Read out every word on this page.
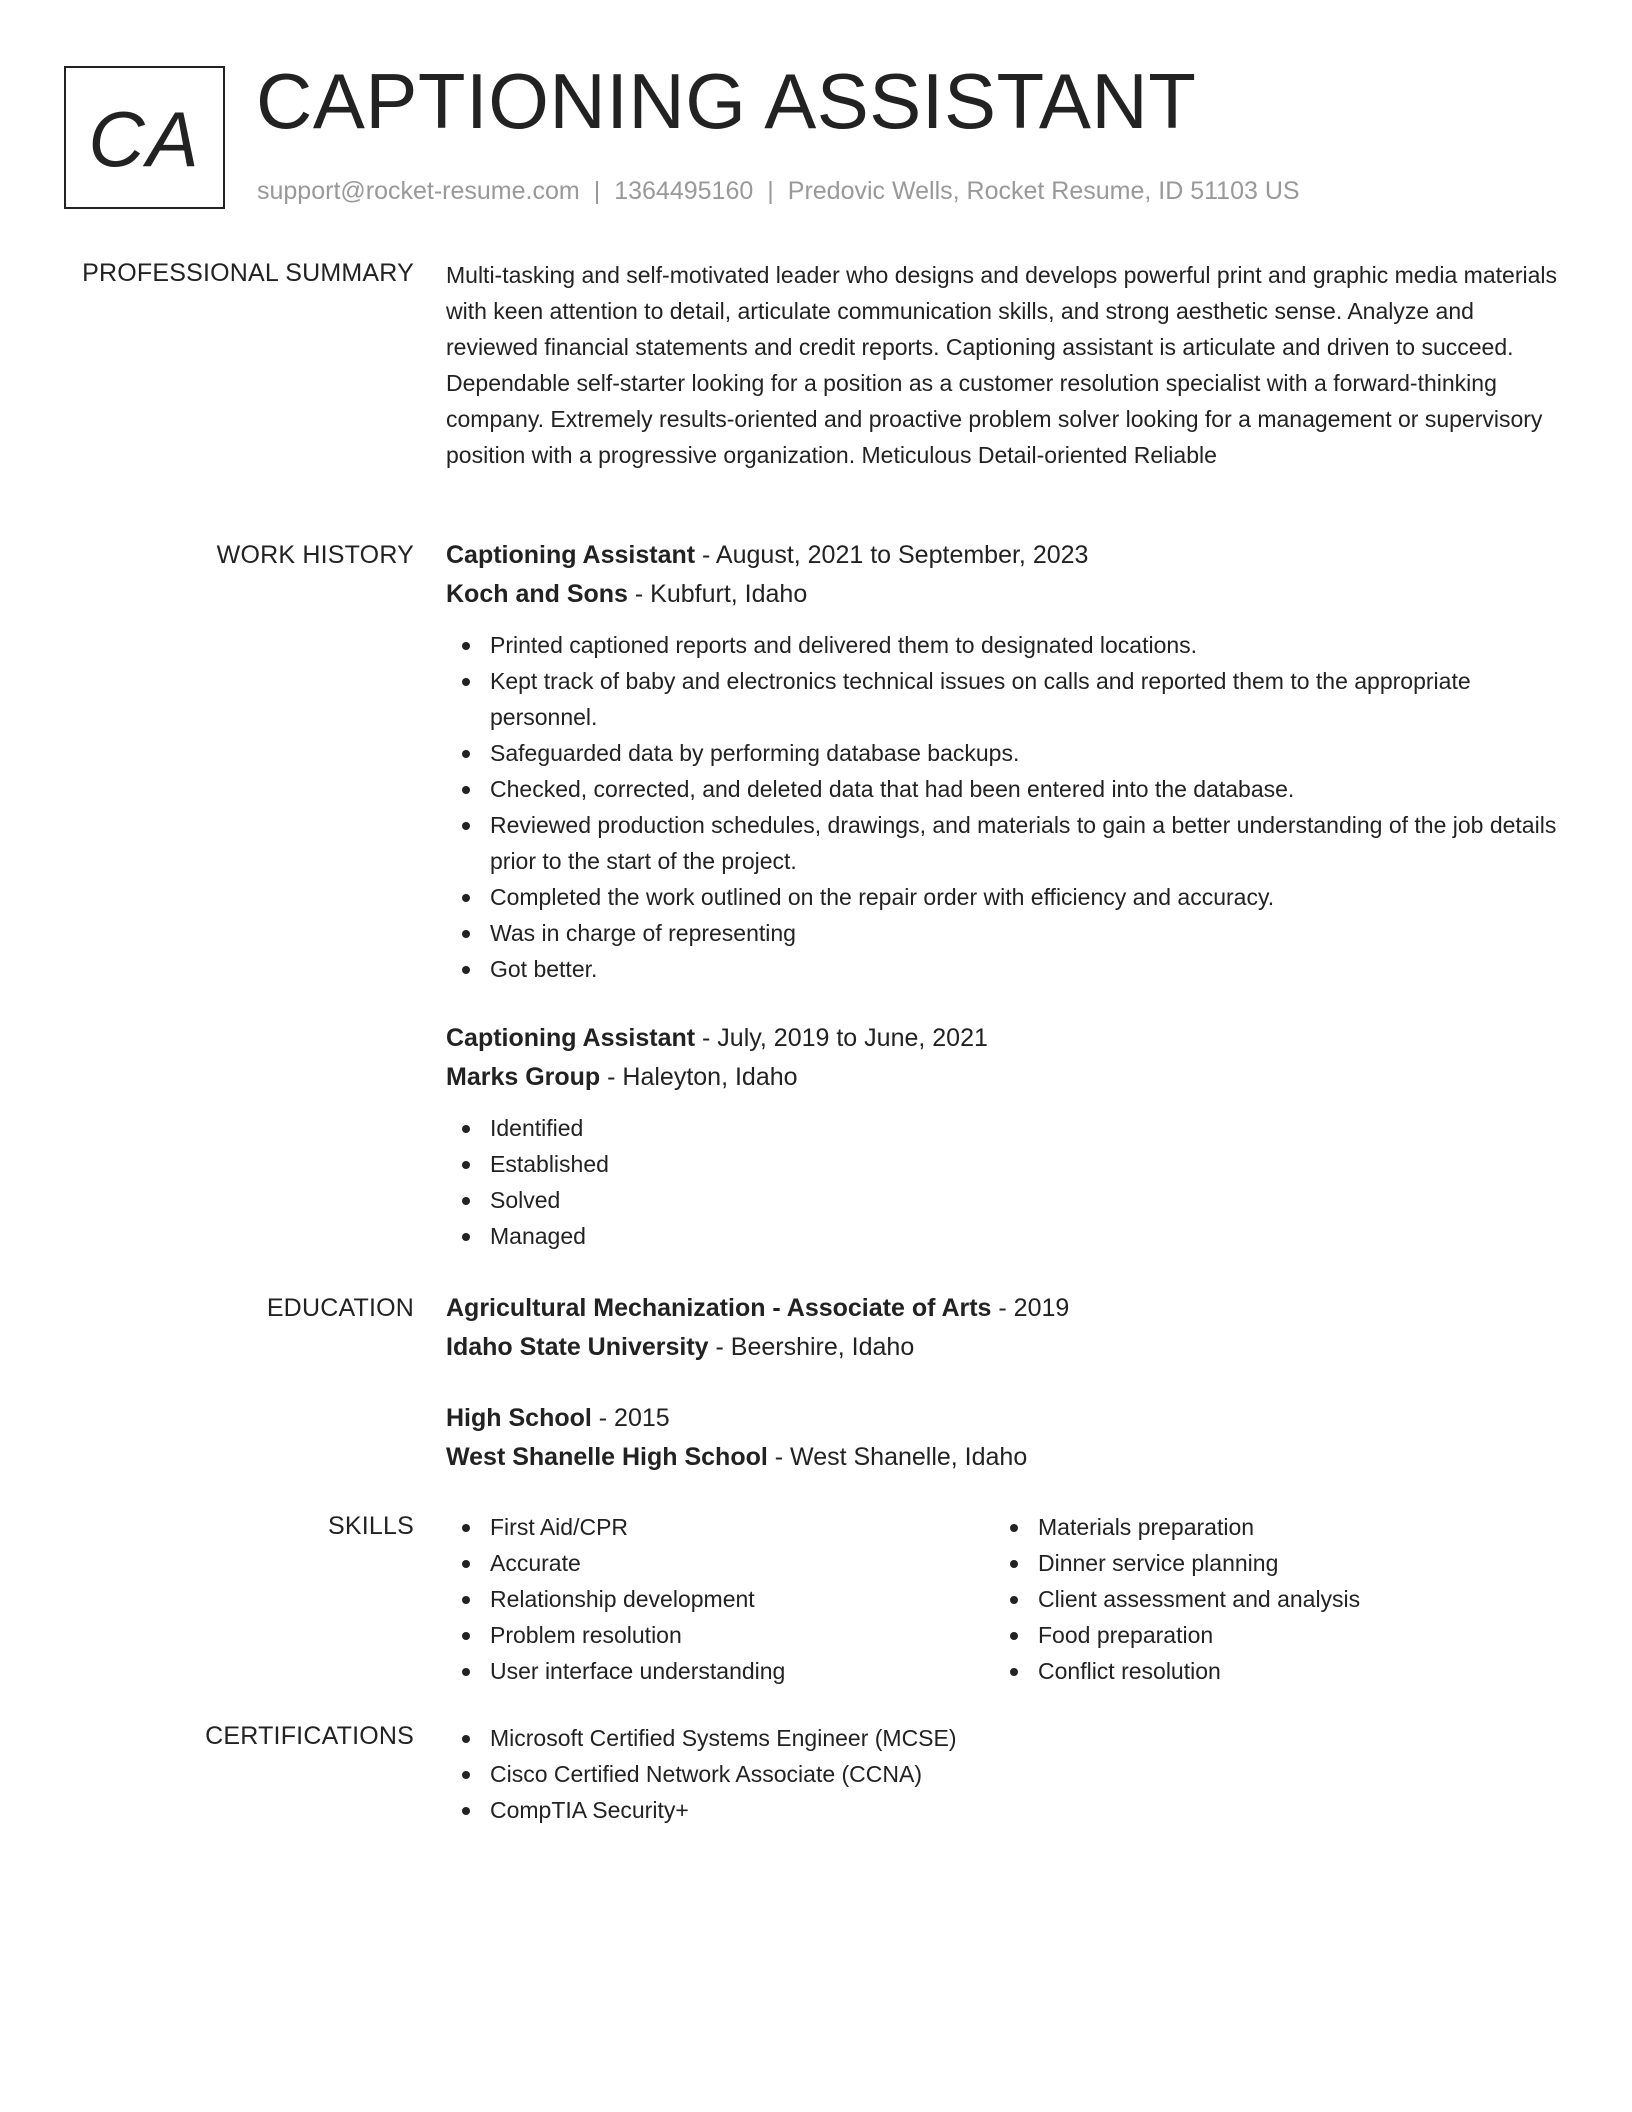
CA CAPTIONING ASSISTANT
support@rocket-resume.com | 1364495160 | Predovic Wells, Rocket Resume, ID 51103 US
PROFESSIONAL SUMMARY Multi-tasking and self-motivated leader who designs and develops powerful print and graphic media materials with keen attention to detail, articulate communication skills, and strong aesthetic sense. Analyze and reviewed financial statements and credit reports. Captioning assistant is articulate and driven to succeed. Dependable self-starter looking for a position as a customer resolution specialist with a forward-thinking company. Extremely results-oriented and proactive problem solver looking for a management or supervisory position with a progressive organization. Meticulous Detail-oriented Reliable

WORK HISTORY Captioning Assistant - August, 2021 to September, 2023
Koch and Sons - Kubfurt, Idaho
Printed captioned reports and delivered them to designated locations.
Kept track of baby and electronics technical issues on calls and reported them to the appropriate personnel.
Safeguarded data by performing database backups.
Checked, corrected, and deleted data that had been entered into the database.
Reviewed production schedules, drawings, and materials to gain a better understanding of the job details prior to the start of the project.
Completed the work outlined on the repair order with efficiency and accuracy.
Was in charge of representing
Got better.
Captioning Assistant - July, 2019 to June, 2021
Marks Group - Haleyton, Idaho
Identified
Established
Solved
Managed
EDUCATION Agricultural Mechanization - Associate of Arts - 2019
Idaho State University - Beershire, Idaho
High School - 2015
West Shanelle High School - West Shanelle, Idaho
SKILLS	First Aid/CPR
Accurate
Relationship development
Problem resolution
User interface understanding
Materials preparation
Dinner service planning
Client assessment and analysis
Food preparation
Conflict resolution
CERTIFICATIONS	Microsoft Certified Systems Engineer (MCSE)
Cisco Certified Network Associate (CCNA)
CompTIA Security+
